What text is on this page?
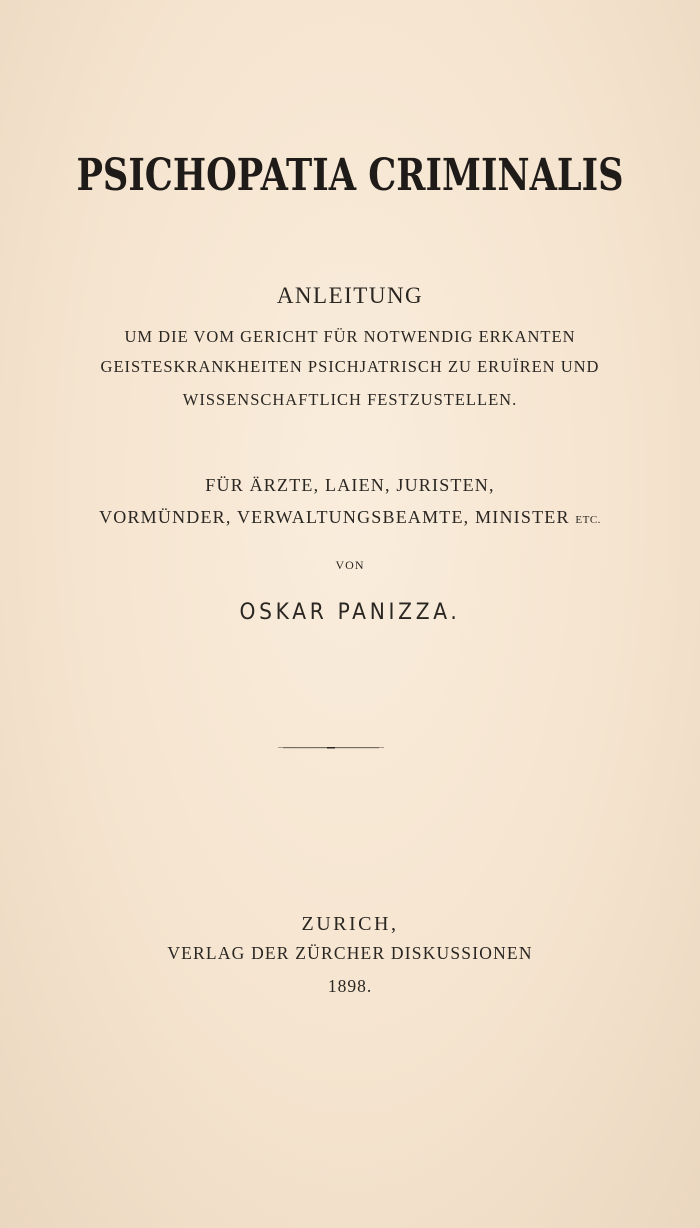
PSICHOPATIA CRIMINALIS
ANLEITUNG
UM DIE VOM GERICHT FÜR NOTWENDIG ERKANTEN
GEISTESKRANKHEITEN PSICHJATRISCH ZU ERUÏREN UND
WISSENSCHAFTLICH FESTZUSTELLEN.
FÜR ÄRZTE, LAIEN, JURISTEN,
VORMÜNDER, VERWALTUNGSBEAMTE, MINISTER ETC.
VON
OSKAR PANIZZA.
ZURICH,
VERLAG DER ZÜRCHER DISKUSSIONEN
1898.
